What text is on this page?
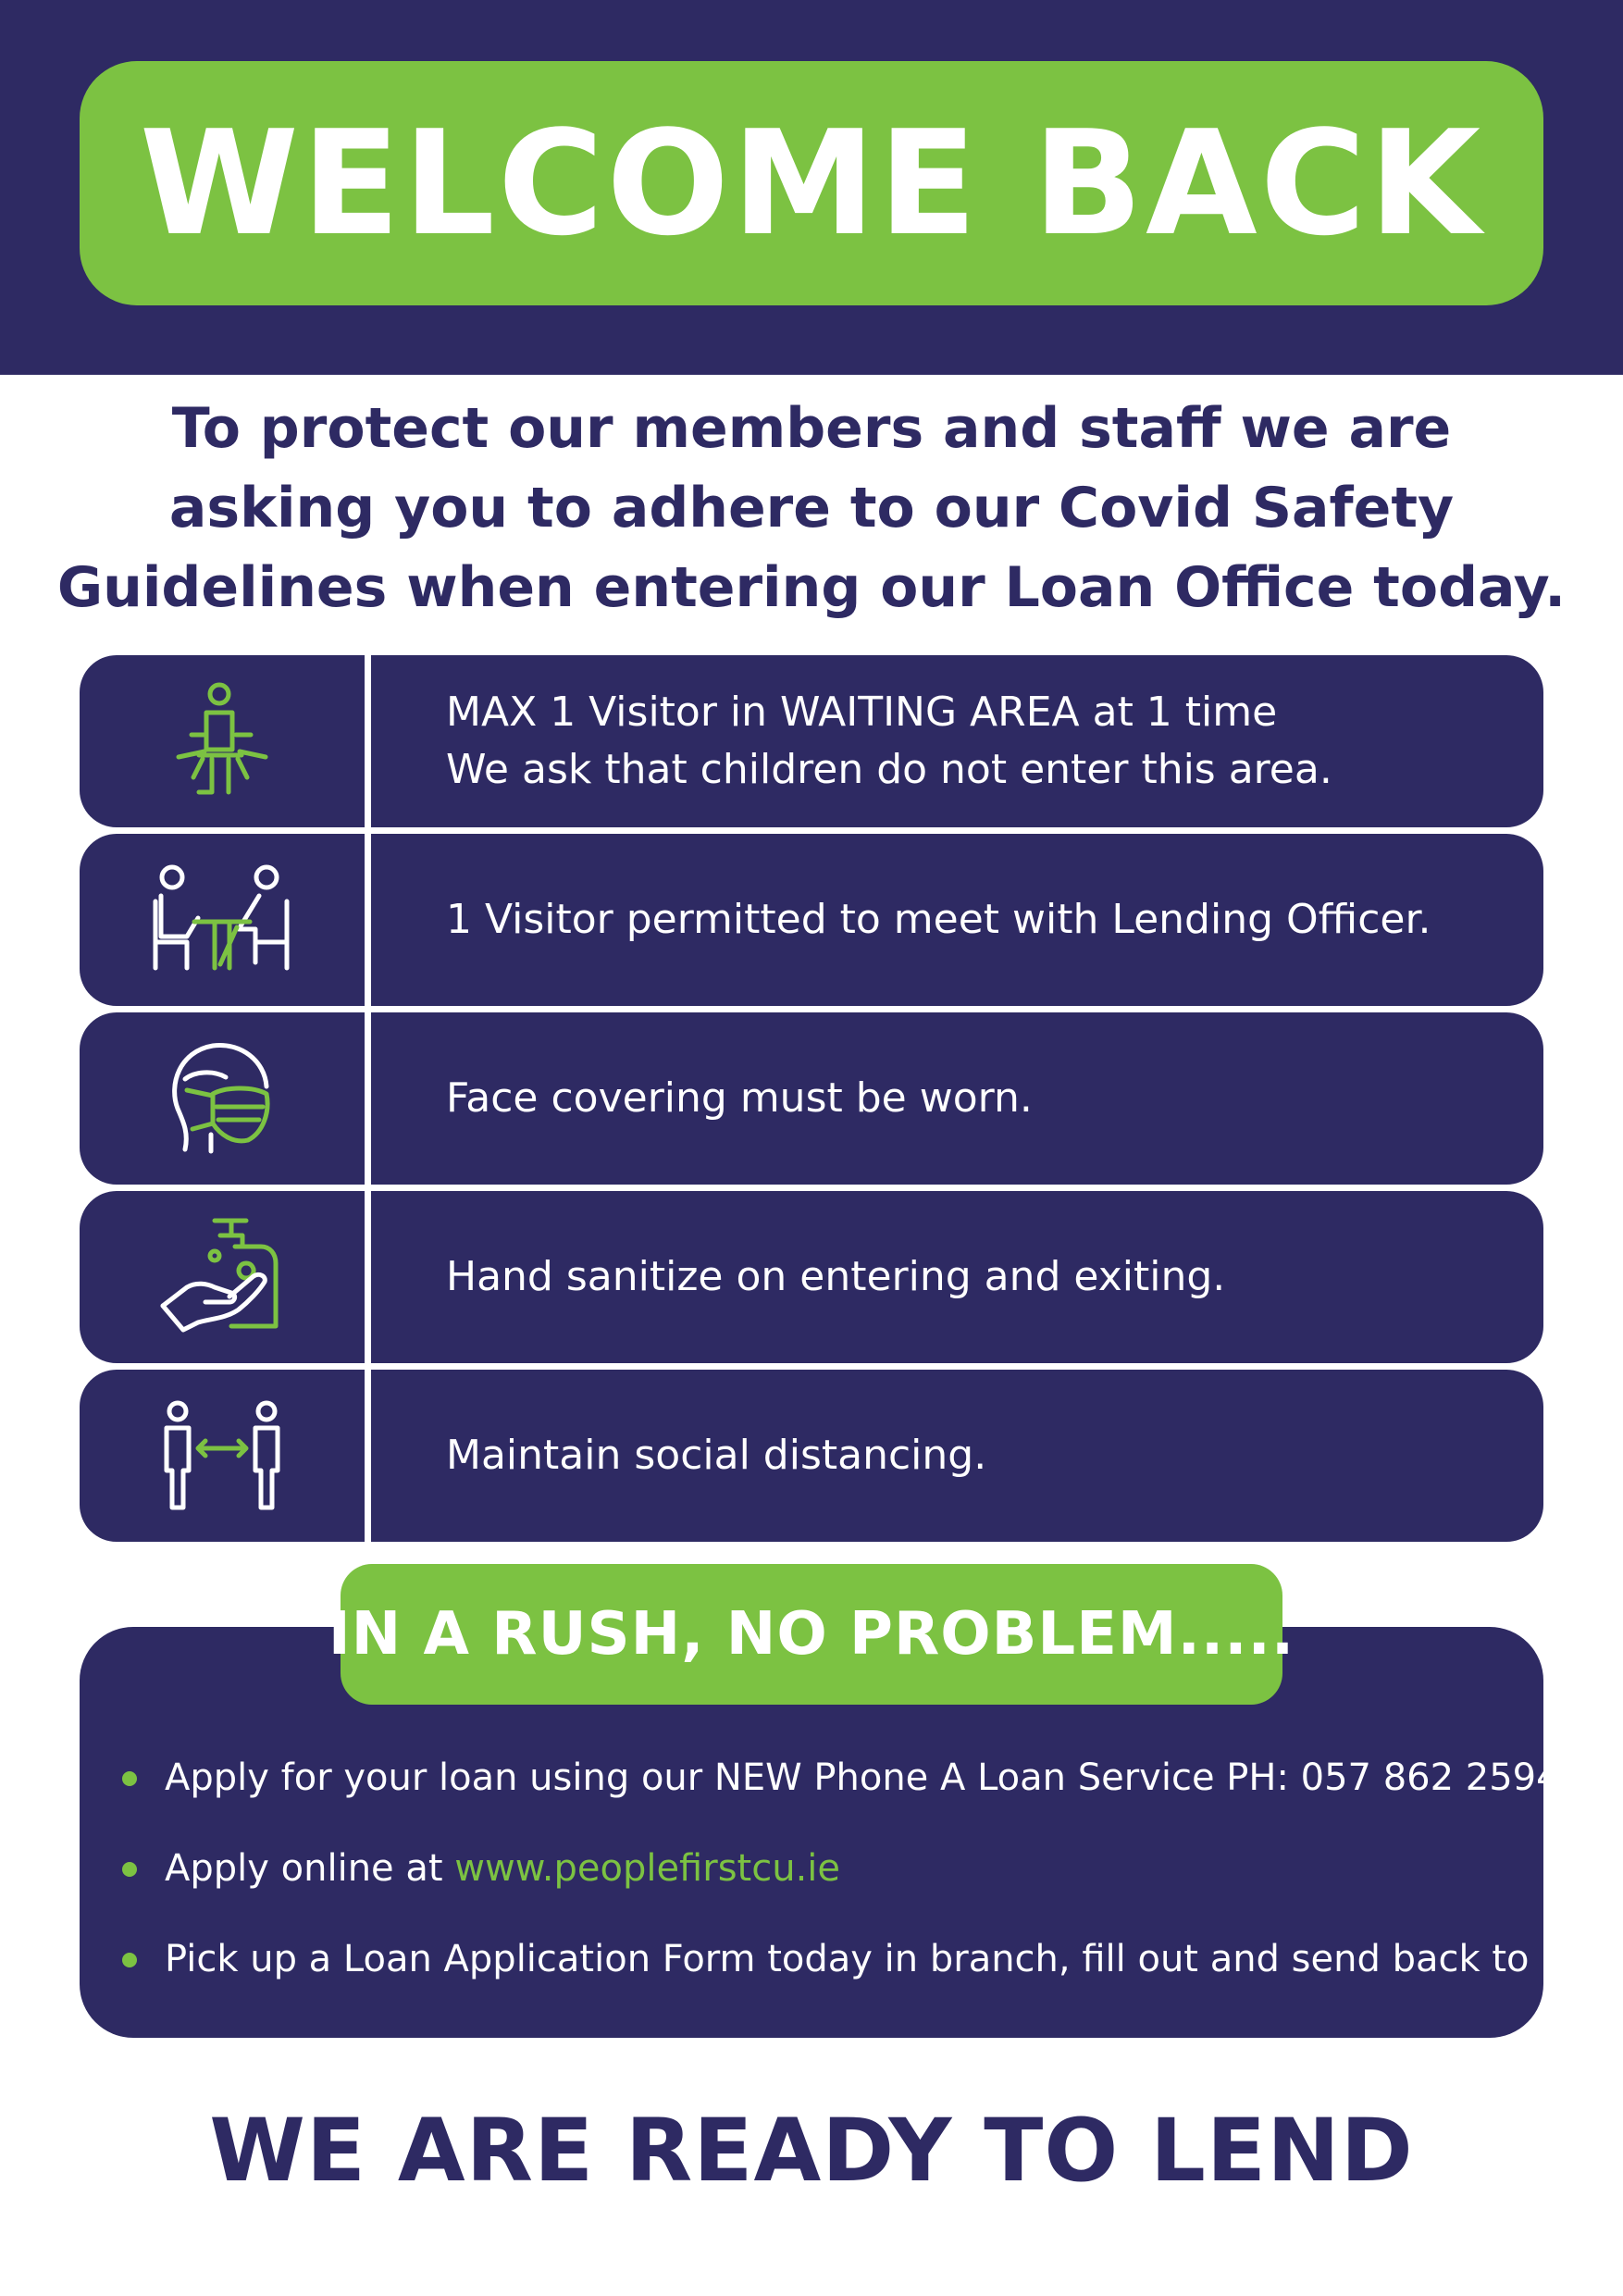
WELCOME BACK
To protect our members and staff we are
asking you to adhere to our Covid Safety
Guidelines when entering our Loan Office today.
MAX 1 Visitor in WAITING AREA at 1 time
We ask that children do not enter this area.
1 Visitor permitted to meet with Lending Officer.
Face covering must be worn.
Hand sanitize on entering and exiting.
Maintain social distancing.
IN A RUSH, NO PROBLEM.....
Apply for your loan using our NEW Phone A Loan Service PH: 057 862 2594
Apply online at www.peoplefirstcu.ie
Pick up a Loan Application Form today in branch, fill out and send back to us
WE ARE READY TO LEND
